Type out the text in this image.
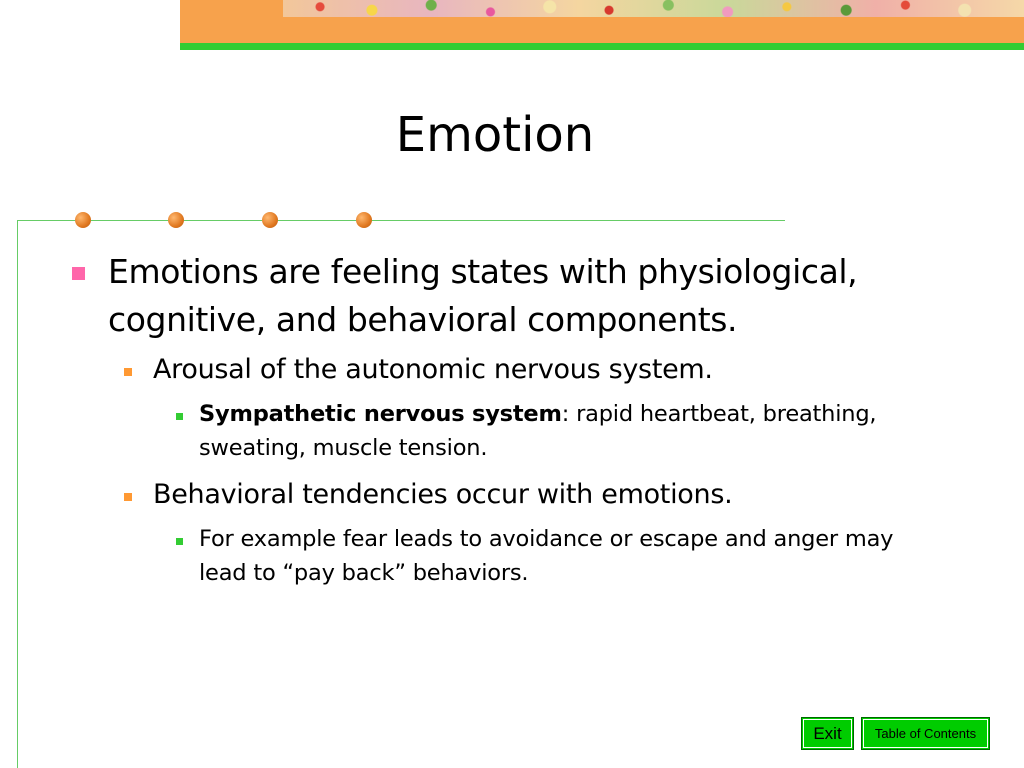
Emotion
Emotions are feeling states with physiological, cognitive, and behavioral components.
Arousal of the autonomic nervous system.
Sympathetic nervous system: rapid heartbeat, breathing, sweating, muscle tension.
Behavioral tendencies occur with emotions.
For example fear leads to avoidance or escape and anger may lead to “pay back” behaviors.
Exit	Table of Contents
